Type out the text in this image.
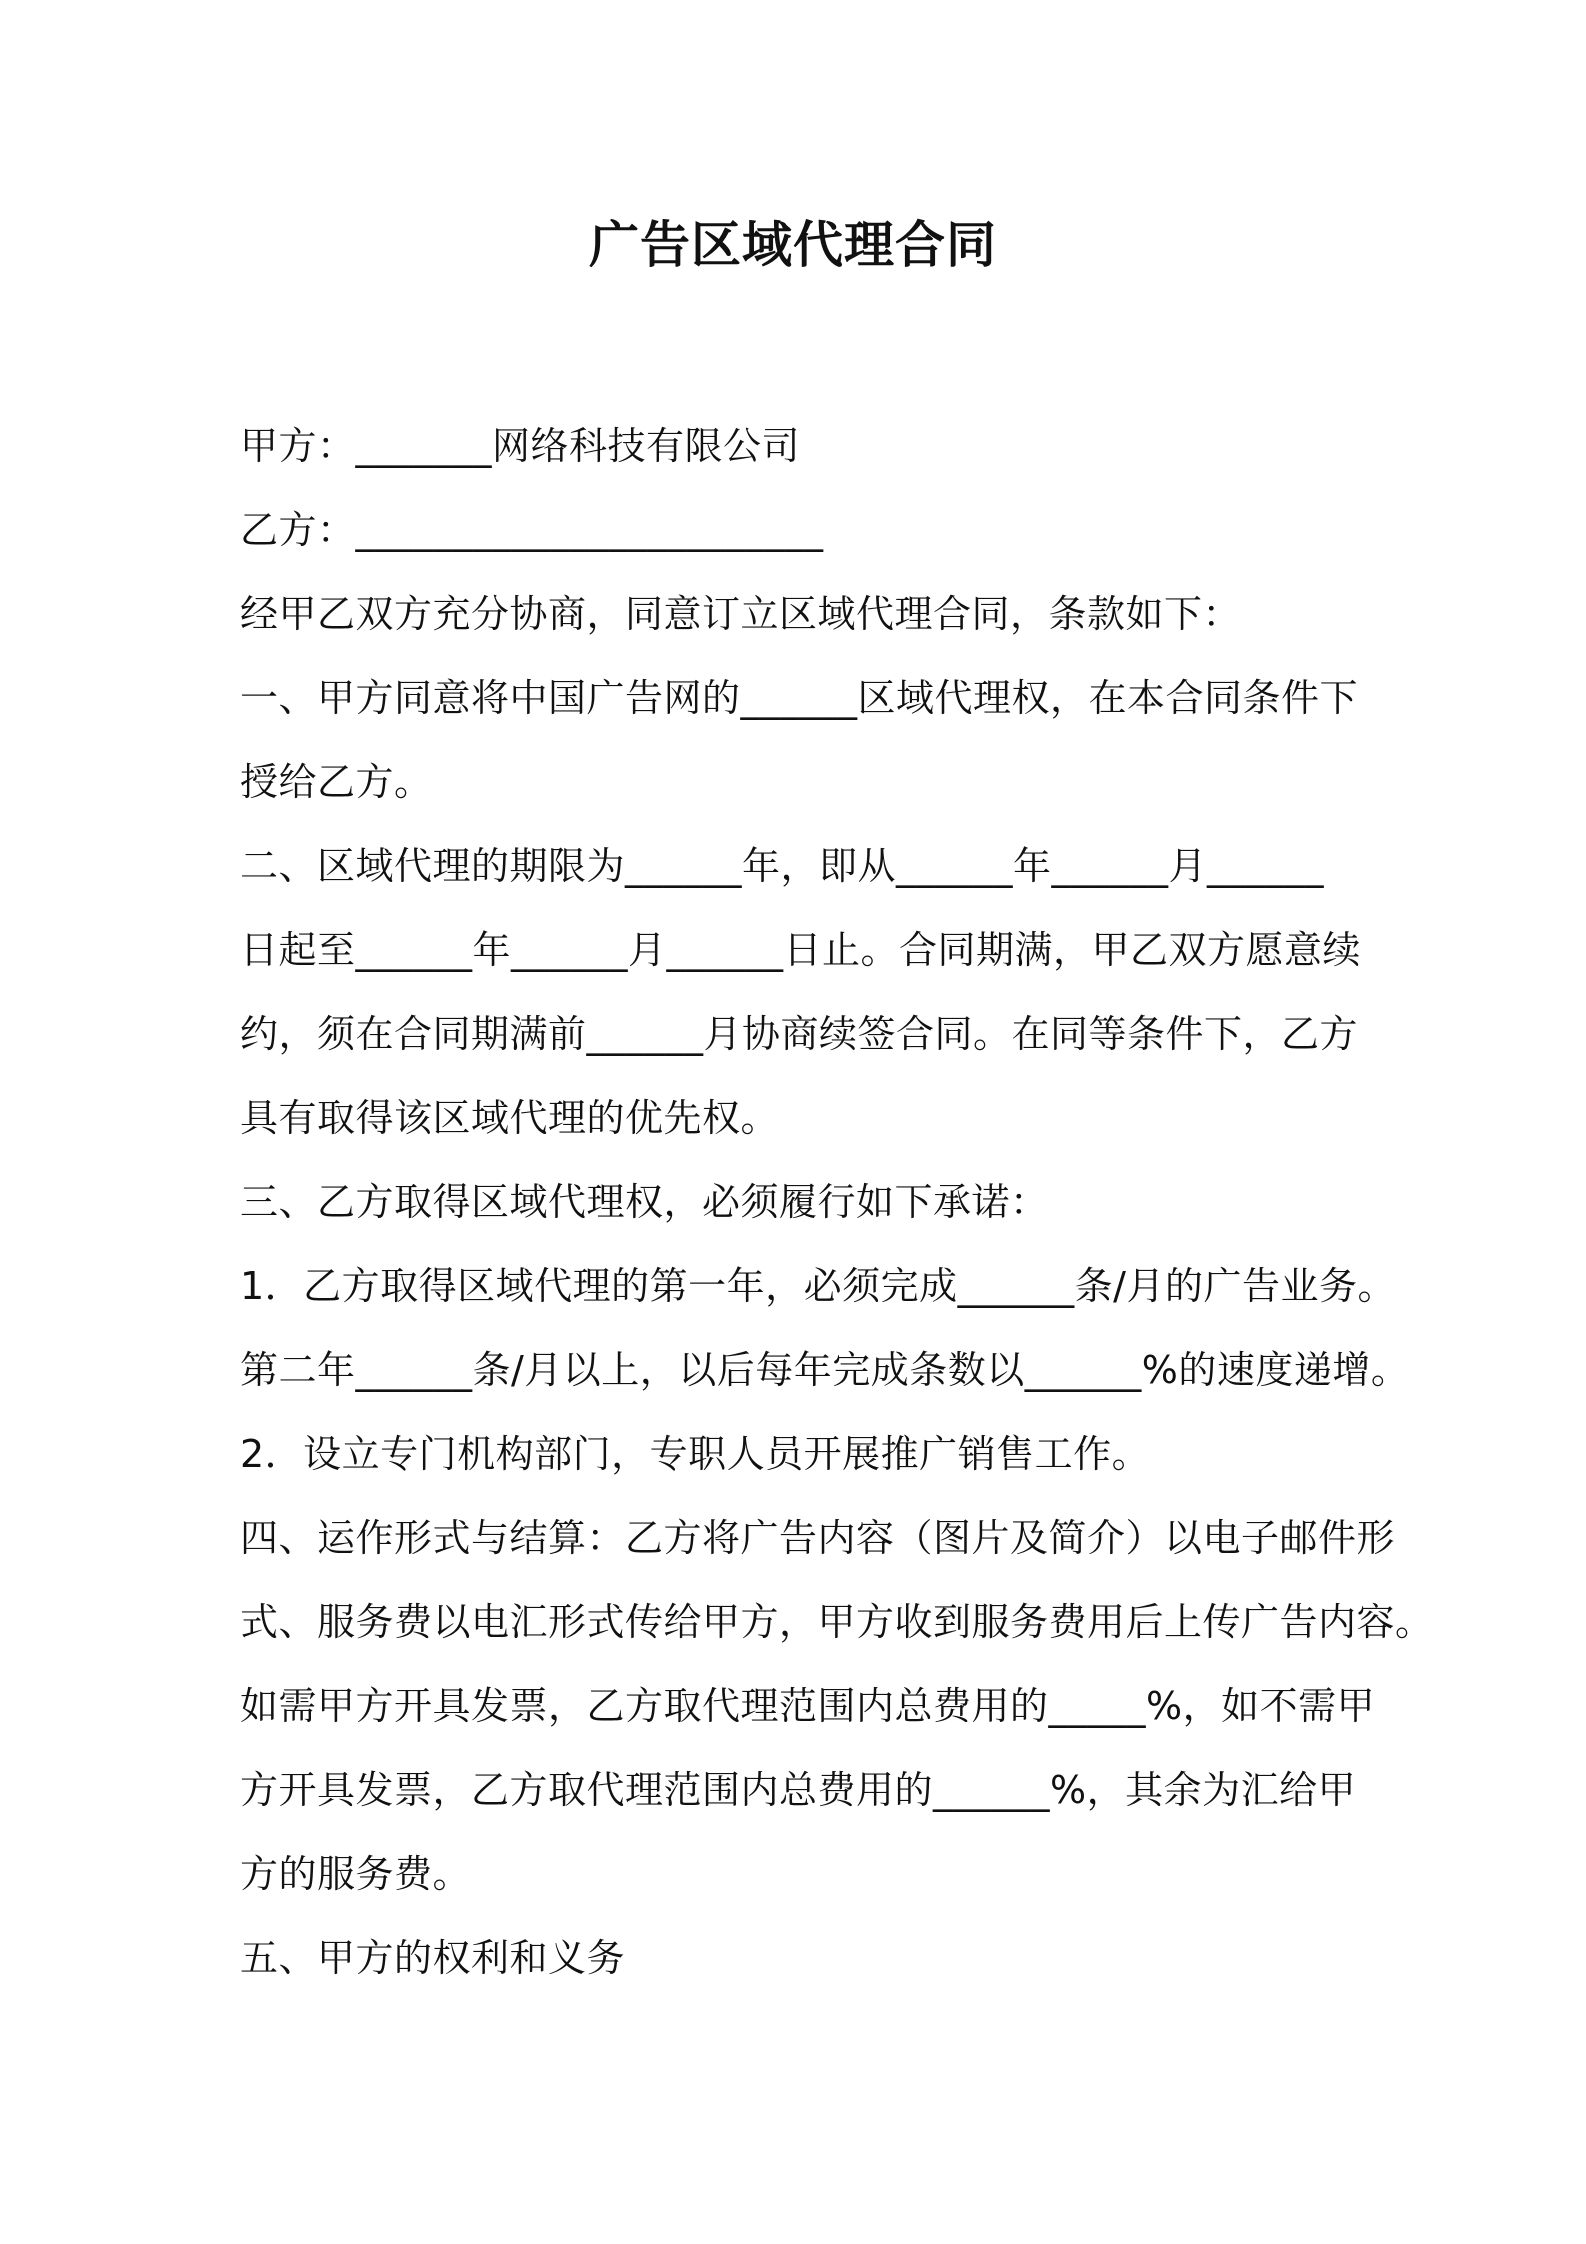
广告区域代理合同
甲方：_______网络科技有限公司
乙方：________________________
经甲乙双方充分协商，同意订立区域代理合同，条款如下：
一、甲方同意将中国广告网的______区域代理权，在本合同条件下
授给乙方。
二、区域代理的期限为______年，即从______年______月______
日起至______年______月______日止。合同期满，甲乙双方愿意续
约，须在合同期满前______月协商续签合同。在同等条件下，乙方
具有取得该区域代理的优先权。
三、乙方取得区域代理权，必须履行如下承诺：
1．乙方取得区域代理的第一年，必须完成______条/月的广告业务。
第二年______条/月以上，以后每年完成条数以______%的速度递增。
2．设立专门机构部门，专职人员开展推广销售工作。
四、运作形式与结算：乙方将广告内容（图片及简介）以电子邮件形
式、服务费以电汇形式传给甲方，甲方收到服务费用后上传广告内容。
如需甲方开具发票，乙方取代理范围内总费用的_____%，如不需甲
方开具发票，乙方取代理范围内总费用的______%，其余为汇给甲
方的服务费。
五、甲方的权利和义务
